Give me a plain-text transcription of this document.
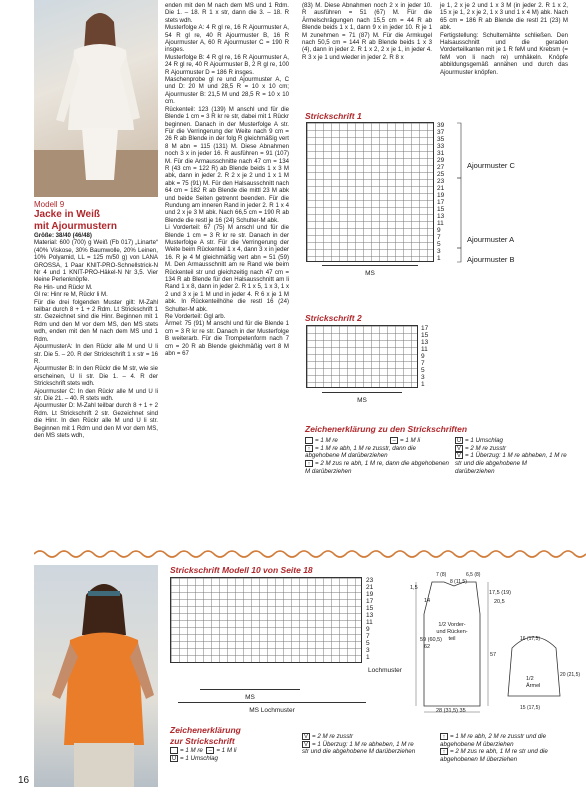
Modell 9
Jacke in Weiß
mit Ajourmustern

Größe: 38/40 (46/48)

Material: 600 (700) g Weiß (Fb 017) „Linarte“ (40% Viskose, 30% Baumwolle, 20% Leinen, 10% Polyamid, LL = 125 m/50 g) von LANA GROSSA, 1 Paar KNIT-PRO-Schnellstrick-N Nr 4 und 1 KNIT-PRO-Häkel-N Nr 3,5. Vier kleine Perlenknöpfe.

Re Hin- und Rückr M.

Gl re: Hinr re M, Rückr li M.

Für die drei folgenden Muster gilt: M-Zahl teilbar durch 8 + 1 + 2 Rdm. Lt Strickschrift 1 str. Gezeichnet sind die Hinr. Beginnen mit 1 Rdm und den M vor dem MS, den MS stets wdh, enden mit den M nach dem MS und 1 Rdm.

AjourmusterA: In den Rückr alle M und U li str. Die 5. – 20. R der Strickschrift 1 x str = 16 R.

Ajourmuster B: In den Rückr die M str, wie sie erscheinen, U li str. Die 1. – 4. R der Strickschrift stets wdh.

Ajourmuster C: In den Rückr alle M und U li str. Die 21. – 40. R stets wdh.

Ajourmuster D: M-Zahl teilbar durch 8 + 1 + 2 Rdm. Lt Strickschrift 2 str. Gezeichnet sind die Hinr. In den Rückr alle M und U li str. Beginnen mit 1 Rdm und den M vor dem MS, den MS stets wdh,

enden mit den M nach dem MS und 1 Rdm. Die 1. – 18. R 1 x str, dann die 3. – 18. R stets wdh.

Musterfolge A: 4 R gl re, 16 R Ajourmuster A, 54 R gl re, 40 R Ajourmuster B, 16 R Ajourmuster A, 60 R Ajourmuster C = 190 R insges.

Musterfolge B: 4 R gl re, 16 R Ajourmuster A, 24 R gl re, 40 R Ajourmuster B, 2 R gl re, 100 R Ajourmuster D = 186 R insges.

Maschenprobe gl re und Ajourmuster A, C und D: 20 M und 28,5 R = 10 x 10 cm; Ajourmuster B: 21,5 M und 28,5 R = 10 x 10 cm.

Rückenteil: 123 (139) M anschl und für die Blende 1 cm = 3 R kr re str, dabei mit 1 Rückr beginnen. Danach in der Musterfolge A str. Für die Verringerung der Weite nach 9 cm = 26 R ab Blende in der folg R gleichmäßig vert 8 M abn = 115 (131) M. Diese Abnahmen noch 3 x in jeder 16. R ausführen = 91 (107) M. Für die Armausschnitte nach 47 cm = 134 R (43 cm = 122 R) ab Blende beids 1 x 3 M abk, dann in jeder 2. R 2 x je 2 und 1 x 1 M abk = 75 (91) M. Für den Halsausschnitt nach 64 cm = 182 R ab Blende die mittl 23 M abk und beide Seiten getrennt beenden. Für die Rundung am inneren Rand in jeder 2. R 1 x 4 und 2 x je 3 M abk. Nach 66,5 cm = 190 R ab Blende die restl je 16 (24) Schulter-M abk.

Li Vorderteil: 67 (75) M anschl und für die Blende 1 cm = 3 R kr re str. Danach in der Musterfolge A str. Für die Verringerung der Weite beim Rückenteil 1 x 4, dann 3 x in jeder 16. R je 4 M gleichmäßig vert abn = 51 (59) M. Den Armausschnitt am re Rand wie beim Rückenteil str und gleichzeitig nach 47 cm = 134 R ab Blende für den Halsausschnitt am li Rand 1 x 8, dann in jeder 2. R 1 x 5, 1 x 3, 1 x 2 und 3 x je 1 M und in jeder 4. R 6 x je 1 M abk. In Rückenteilhöhe die restl 16 (24) Schulter-M abk.

Re Vorderteil: Ggl arb.

Ärmel: 75 (91) M anschl und für die Blende 1 cm = 3 R kr re str. Danach in der Musterfolge B weiterarb. Für die Trompetenform nach 7 cm = 20 R ab Blende gleichmäßig vert 8 M abn = 67

(83) M. Diese Abnahmen noch 2 x in jeder 10. R ausführen = 51 (67) M. Für die Ärmelschrägungen nach 15,5 cm = 44 R ab Blende beids 1 x 1, dann 9 x in jeder 10. R je 1 M zunehmen = 71 (87) M. Für die Armkugel nach 50,5 cm = 144 R ab Blende beids 1 x 3 (4), dann in jeder 2. R 1 x 2, 2 x je 1, in jeder 4. R 3 x je 1 und wieder in jeder 2. R 8 x

je 1, 2 x je 2 und 1 x 3 M (in jeder 2. R 1 x 2, 15 x je 1, 2 x je 2, 1 x 3 und 1 x 4 M) abk. Nach 65 cm = 186 R ab Blende die restl 21 (23) M abk.

Fertigstellung: Schulternähte schließen. Den Halsausschnitt und die geraden Vorderteilkanten mit je 1 R feM und Krebsm (= feM von li nach re) umhäkeln. Knöpfe abbildungsgemäß annähen und durch das Ajourmuster knöpfen.

Strickschrift 1
39
37
35
33
31
29
27
25
23
21
19
17
15
13
11
9
7
5
3
1
Ajourmuster C
Ajourmuster A
Ajourmuster B
$^{MS}$
Strickschrift 2
17
15
13
11
9
7
5
3
1
$^{MS}$
Zeichenerklärung zu den Strickschriften
= 1 M re
↑ = 1 M re abh, 1 M re zusstr, dann die abgehobene M darüberziehen
↑ = 2 M zus re abh, 1 M re, dann die abgehobenen M darüberziehen
– = 1 M li	U = 1 Umschlag
V = 2 M re zusstr
V = 1 Überzug: 1 M re abheben, 1 M re str und die abgehobene M darüberziehen
Strickschrift Modell 10 von Seite 18
23
21
19
17
15
13
11
9
7
5
3
1
Lochmuster
$^{MS}$
$^{MS Lochmuster}$
7 (8)
8 (11,5)
6,5 (8)
1,5
14
59 (60,5)
62
17,5 (19)
20,5
57
1/2 Vorder- und Rücken- teil
28 (31,5) 35
16 (17,5)
1/2 Ärmel
20 (21,5)
15 (17,5)
Zeichenerklärung
zur Strickschrift
= 1 M re
	– = 1 M li
U = 1 Umschlag
V = 2 M re zusstr
V = 1 Überzug: 1 M re abheben, 1 M re str und die abgehobene M darüberziehen
↑ = 1 M re abh, 2 M re zusstr und die abgehobene M überziehen
↑ = 2 M zus re abh, 1 M re str und die abgehobenen M überziehen
16
